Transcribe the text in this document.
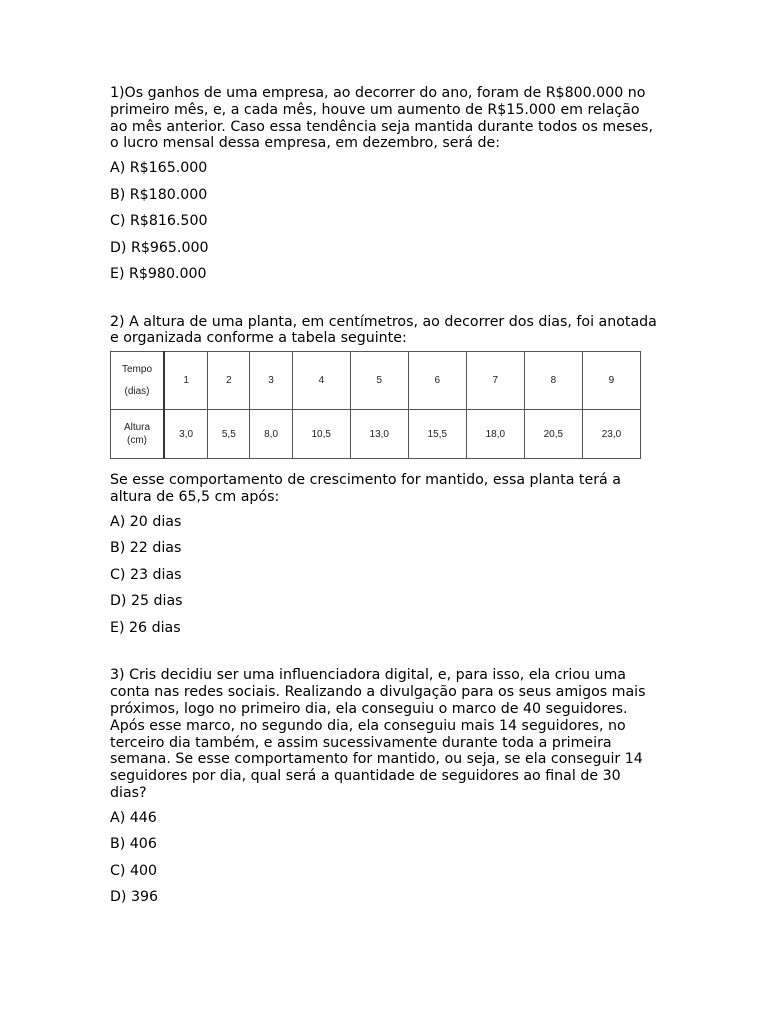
1)Os ganhos de uma empresa, ao decorrer do ano, foram de R$800.000 no
primeiro mês, e, a cada mês, houve um aumento de R$15.000 em relação
ao mês anterior. Caso essa tendência seja mantida durante todos os meses,
o lucro mensal dessa empresa, em dezembro, será de:

A) R$165.000
B) R$180.000
C) R$816.500
D) R$965.000
E) R$980.000

2) A altura de uma planta, em centímetros, ao decorrer dos dias, foi anotada
e organizada conforme a tabela seguinte:

Tempo
(dias)	1	2	3	4	5	6	7	8	9
Altura
(cm)	3,0	5,5	8,0	10,5	13,0	15,5	18,0	20,5	23,0

Se esse comportamento de crescimento for mantido, essa planta terá a
altura de 65,5 cm após:

A) 20 dias
B) 22 dias
C) 23 dias
D) 25 dias
E) 26 dias

3) Cris decidiu ser uma influenciadora digital, e, para isso, ela criou uma
conta nas redes sociais. Realizando a divulgação para os seus amigos mais
próximos, logo no primeiro dia, ela conseguiu o marco de 40 seguidores.
Após esse marco, no segundo dia, ela conseguiu mais 14 seguidores, no
terceiro dia também, e assim sucessivamente durante toda a primeira
semana. Se esse comportamento for mantido, ou seja, se ela conseguir 14
seguidores por dia, qual será a quantidade de seguidores ao final de 30
dias?

A) 446
B) 406
C) 400
D) 396
